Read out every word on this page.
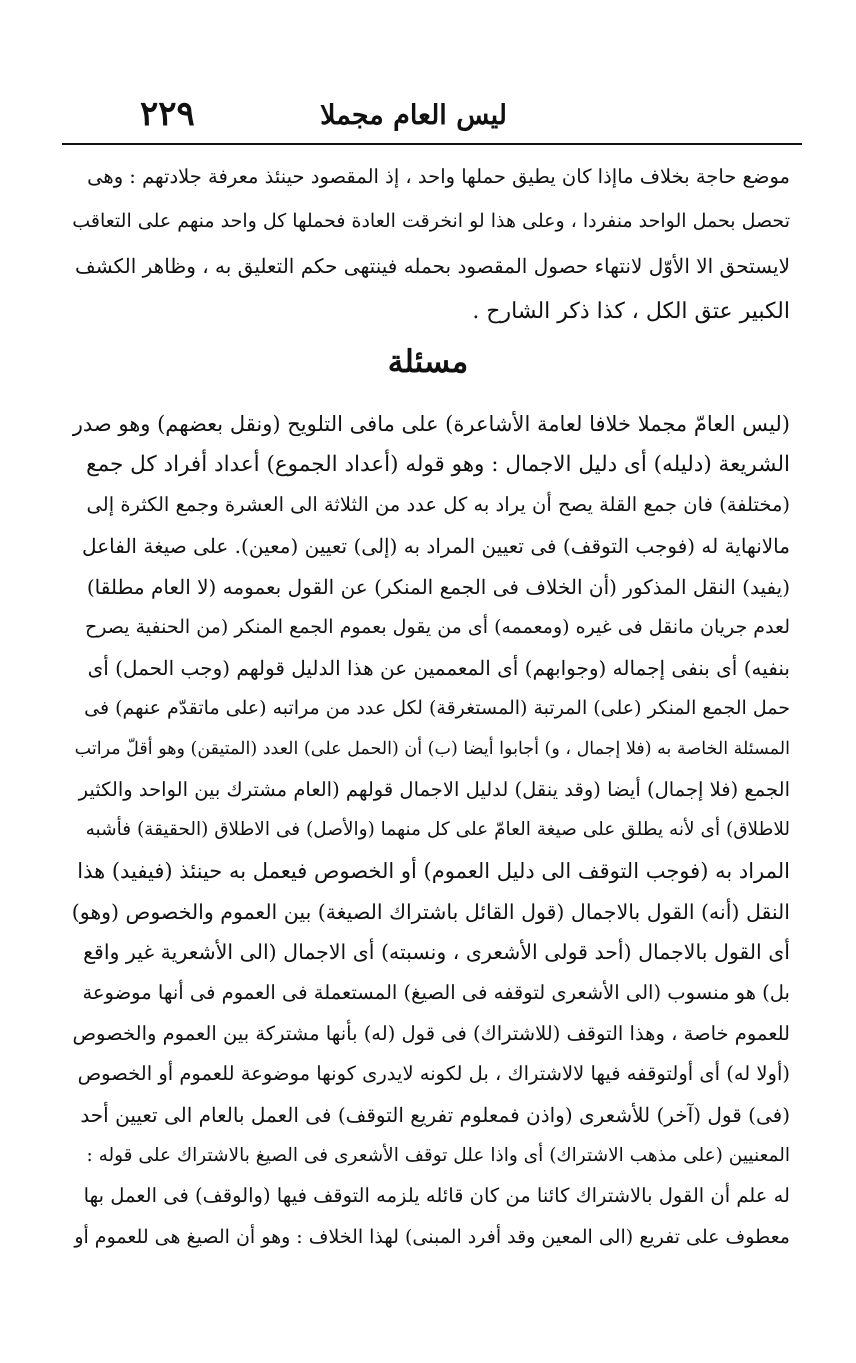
ليس العام مجملا
٢٢٩
موضع حاجة بخلاف ماإذا كان يطيق حملها واحد ، إذ المقصود حينئذ معرفة جلادتهم : وهى
تحصل بحمل الواحد منفردا ، وعلى هذا لو انخرقت العادة فحملها كل واحد منهم على التعاقب
لايستحق الا الأوّل لانتهاء حصول المقصود بحمله فينتهى حكم التعليق به ، وظاهر الكشف
الكبير عتق الكل ، كذا ذكر الشارح .
مسئلة
(ليس العامّ مجملا خلافا لعامة الأشاعرة) على مافى التلويح (ونقل بعضهم) وهو صدر
الشريعة (دليله) أى دليل الاجمال : وهو قوله (أعداد الجموع) أعداد أفراد كل جمع
(مختلفة) فان جمع القلة يصح أن يراد به كل عدد من الثلاثة الى العشرة وجمع الكثرة إلى
مالانهاية له (فوجب التوقف) فى تعيين المراد به (إلى) تعيين (معين). على صيغة الفاعل
(يفيد) النقل المذكور (أن الخلاف فى الجمع المنكر) عن القول بعمومه (لا العام مطلقا)
لعدم جريان مانقل فى غيره (ومعممه) أى من يقول بعموم الجمع المنكر (من الحنفية يصرح
بنفيه) أى بنفى إجماله (وجوابهم) أى المعممين عن هذا الدليل قولهم (وجب الحمل) أى
حمل الجمع المنكر (على) المرتبة (المستغرقة) لكل عدد من مراتبه (على ماتقدّم عنهم) فى
المسئلة الخاصة به (فلا إجمال ، و) أجابوا أيضا (ب) أن (الحمل على) العدد (المتيقن) وهو أقلّ مراتب
الجمع (فلا إجمال) أيضا (وقد ينقل) لدليل الاجمال قولهم (العام مشترك بين الواحد والكثير
للاطلاق) أى لأنه يطلق على صيغة العامّ على كل منهما (والأصل) فى الاطلاق (الحقيقة) فأشبه
المراد به (فوجب التوقف الى دليل العموم) أو الخصوص فيعمل به حينئذ (فيفيد) هذا
النقل (أنه) القول بالاجمال (قول القائل باشتراك الصيغة) بين العموم والخصوص (وهو)
أى القول بالاجمال (أحد قولى الأشعرى ، ونسبته) أى الاجمال (الى الأشعرية غير واقع
بل) هو منسوب (الى الأشعرى لتوقفه فى الصيغ) المستعملة فى العموم فى أنها موضوعة
للعموم خاصة ، وهذا التوقف (للاشتراك) فى قول (له) بأنها مشتركة بين العموم والخصوص
(أولا له) أى أولتوقفه فيها لالاشتراك ، بل لكونه لايدرى كونها موضوعة للعموم أو الخصوص
(فى) قول (آخر) للأشعرى (واذن فمعلوم تفريع التوقف) فى العمل بالعام الى تعيين أحد
المعنيين (على مذهب الاشتراك) أى واذا علل توقف الأشعرى فى الصيغ بالاشتراك على قوله :
له علم أن القول بالاشتراك كائنا من كان قائله يلزمه التوقف فيها (والوقف) فى العمل بها
معطوف على تفريع (الى المعين وقد أفرد المبنى) لهذا الخلاف : وهو أن الصيغ هى للعموم أو
